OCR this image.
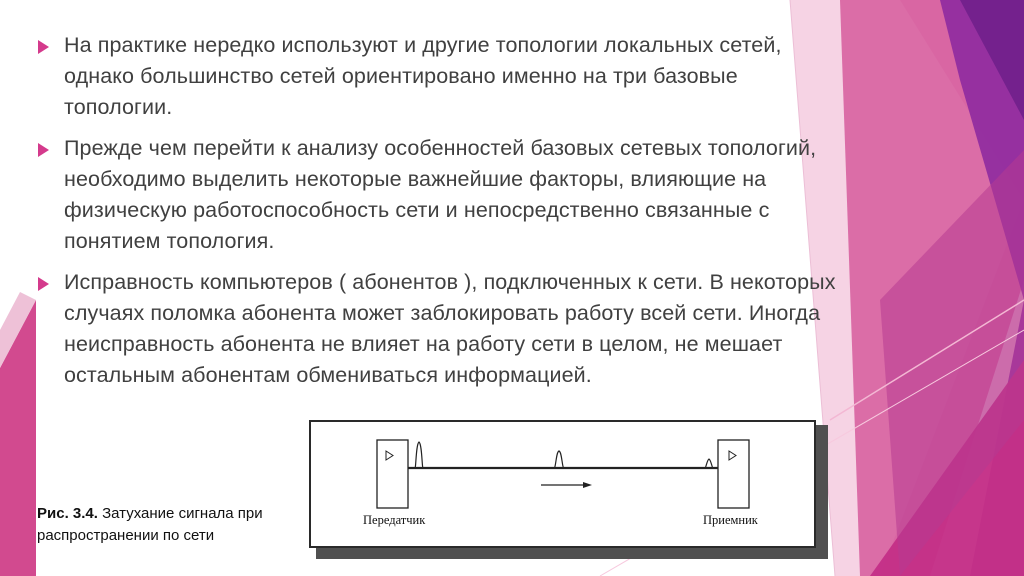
На практике нередко используют и другие топологии локальных сетей, однако большинство сетей ориентировано именно на три базовые топологии.
Прежде чем перейти к анализу особенностей базовых сетевых топологий, необходимо выделить некоторые важнейшие факторы, влияющие на физическую работоспособность сети и непосредственно связанные с понятием топология.
Исправность компьютеров ( абонентов ), подключенных к сети. В некоторых случаях поломка абонента может заблокировать работу всей сети. Иногда неисправность абонента не влияет на работу сети в целом, не мешает остальным абонентам обмениваться информацией.
Передатчик	Приемник
Рис. 3.4. Затухание сигнала при распространении по сети
